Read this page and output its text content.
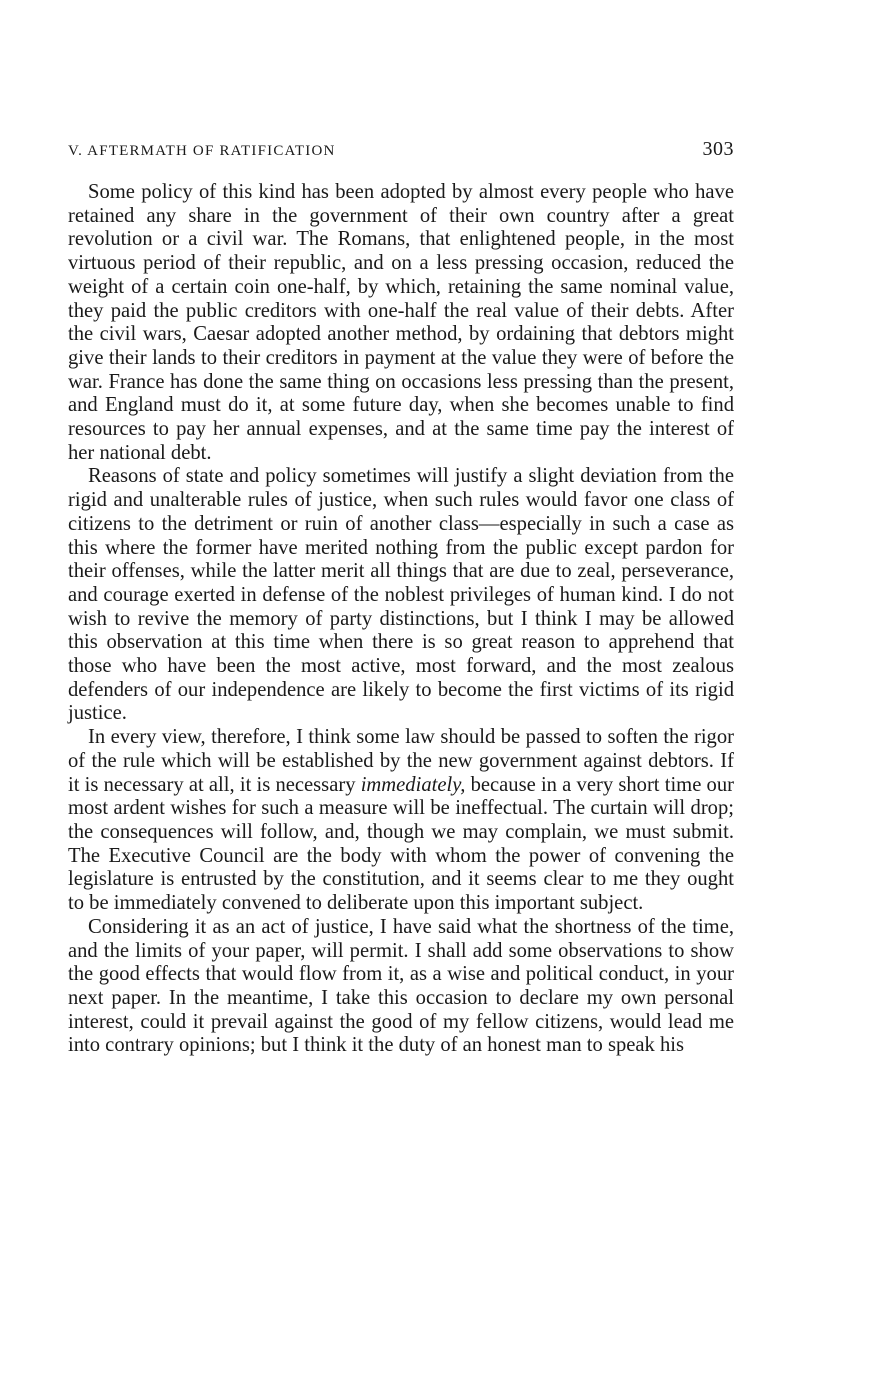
V. AFTERMATH OF RATIFICATION	303

Some policy of this kind has been adopted by almost every people who have retained any share in the government of their own country after a great revolution or a civil war. The Romans, that enlightened people, in the most virtuous period of their republic, and on a less pressing occasion, reduced the weight of a certain coin one-half, by which, retaining the same nominal value, they paid the public creditors with one-half the real value of their debts. After the civil wars, Caesar adopted another method, by ordaining that debtors might give their lands to their creditors in payment at the value they were of before the war. France has done the same thing on occasions less pressing than the present, and England must do it, at some future day, when she becomes unable to find resources to pay her annual expenses, and at the same time pay the interest of her national debt.

Reasons of state and policy sometimes will justify a slight deviation from the rigid and unalterable rules of justice, when such rules would favor one class of citizens to the detriment or ruin of another class—especially in such a case as this where the former have merited nothing from the public except pardon for their offenses, while the latter merit all things that are due to zeal, perseverance, and courage exerted in defense of the noblest privileges of human kind. I do not wish to revive the memory of party distinctions, but I think I may be allowed this observation at this time when there is so great reason to apprehend that those who have been the most active, most forward, and the most zealous defenders of our independence are likely to become the first victims of its rigid justice.

In every view, therefore, I think some law should be passed to soften the rigor of the rule which will be established by the new government against debtors. If it is necessary at all, it is necessary immediately, because in a very short time our most ardent wishes for such a measure will be ineffectual. The curtain will drop; the consequences will follow, and, though we may complain, we must submit. The Executive Council are the body with whom the power of convening the legislature is entrusted by the constitution, and it seems clear to me they ought to be immediately convened to deliberate upon this important subject.

Considering it as an act of justice, I have said what the shortness of the time, and the limits of your paper, will permit. I shall add some observations to show the good effects that would flow from it, as a wise and political conduct, in your next paper. In the meantime, I take this occasion to declare my own personal interest, could it prevail against the good of my fellow citizens, would lead me into contrary opinions; but I think it the duty of an honest man to speak his
